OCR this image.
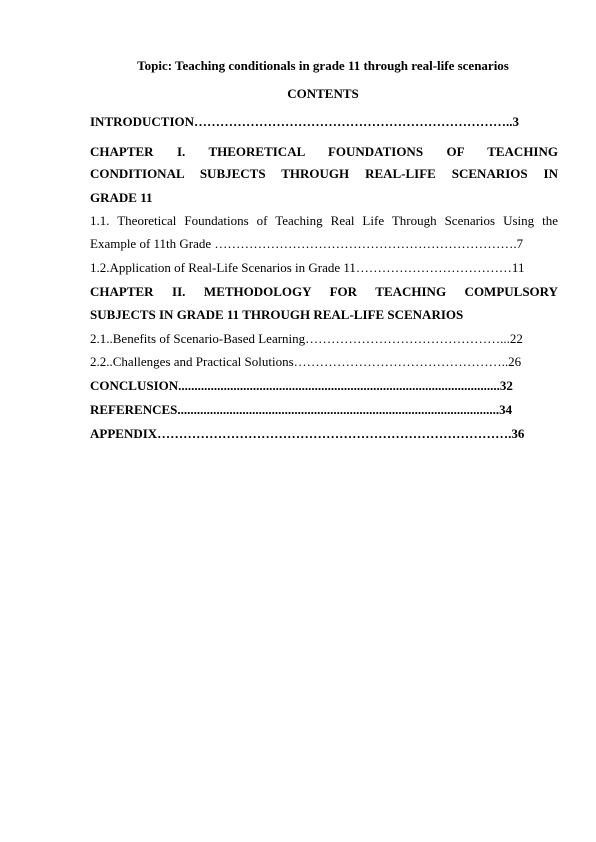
Topic: Teaching conditionals in grade 11 through real-life scenarios
CONTENTS
INTRODUCTION………………………………………………………………..3
CHAPTER I. THEORETICAL FOUNDATIONS OF TEACHING
CONDITIONAL SUBJECTS THROUGH REAL-LIFE SCENARIOS IN
GRADE 11
1.1. Theoretical Foundations of Teaching Real Life Through Scenarios Using the
Example of 11th Grade …………………………………………………………….7
1.2.Application of Real-Life Scenarios in Grade 11………………………………11
CHAPTER II. METHODOLOGY FOR TEACHING COMPULSORY
SUBJECTS IN GRADE 11 THROUGH REAL-LIFE SCENARIOS
2.1..Benefits of Scenario-Based Learning………………………………………...22
2.2..Challenges and Practical Solutions…………………………………………..26
CONCLUSION...................................................................................................32
REFERENCES...................................................................................................34
APPENDIX……………………………………………………………………….36
